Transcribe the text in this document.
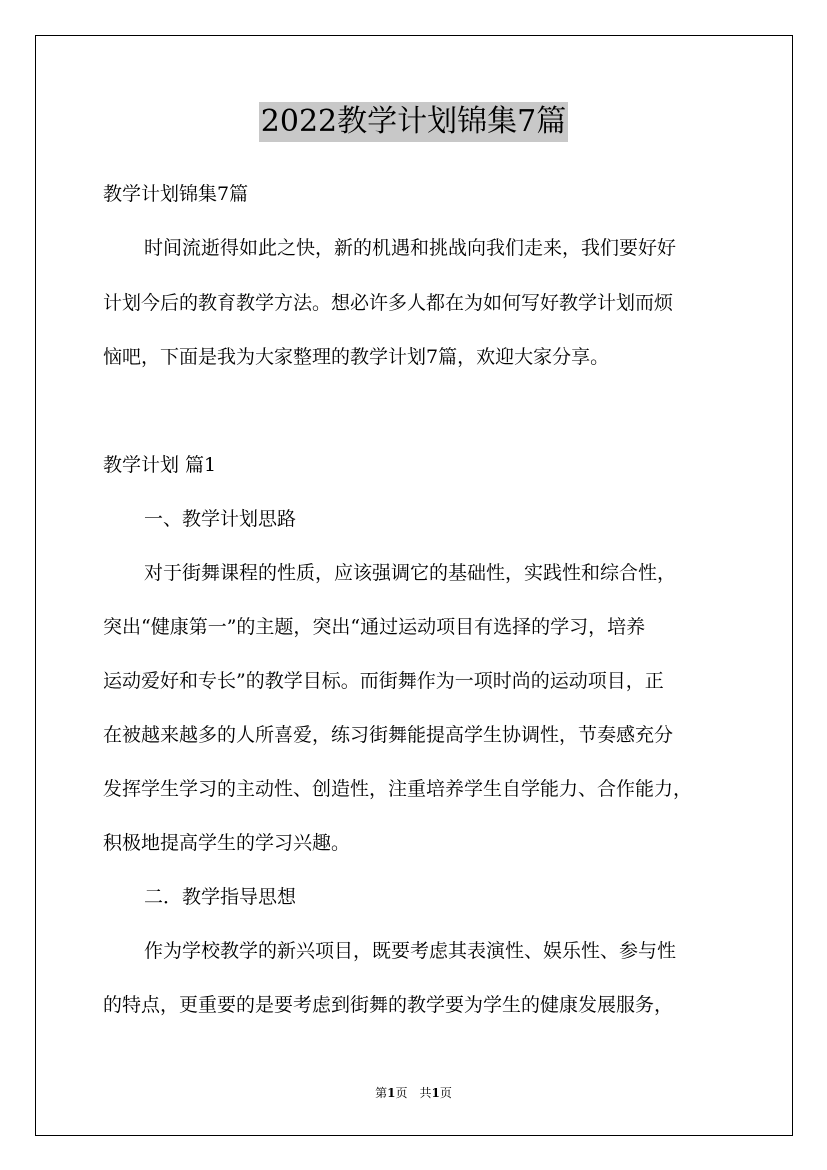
2022教学计划锦集7篇
教学计划锦集7篇
时间流逝得如此之快，新的机遇和挑战向我们走来，我们要好好
计划今后的教育教学方法。想必许多人都在为如何写好教学计划而烦
恼吧，下面是我为大家整理的教学计划7篇，欢迎大家分享。
教学计划 篇1
一、教学计划思路
对于街舞课程的性质，应该强调它的基础性，实践性和综合性，
突出“健康第一”的主题，突出“通过运动项目有选择的学习，培养
运动爱好和专长”的教学目标。而街舞作为一项时尚的运动项目，正
在被越来越多的人所喜爱，练习街舞能提高学生协调性，节奏感充分
发挥学生学习的主动性、创造性，注重培养学生自学能力、合作能力，
积极地提高学生的学习兴趣。
二．教学指导思想
作为学校教学的新兴项目，既要考虑其表演性、娱乐性、参与性
的特点，更重要的是要考虑到街舞的教学要为学生的健康发展服务，
第1页　共1页
